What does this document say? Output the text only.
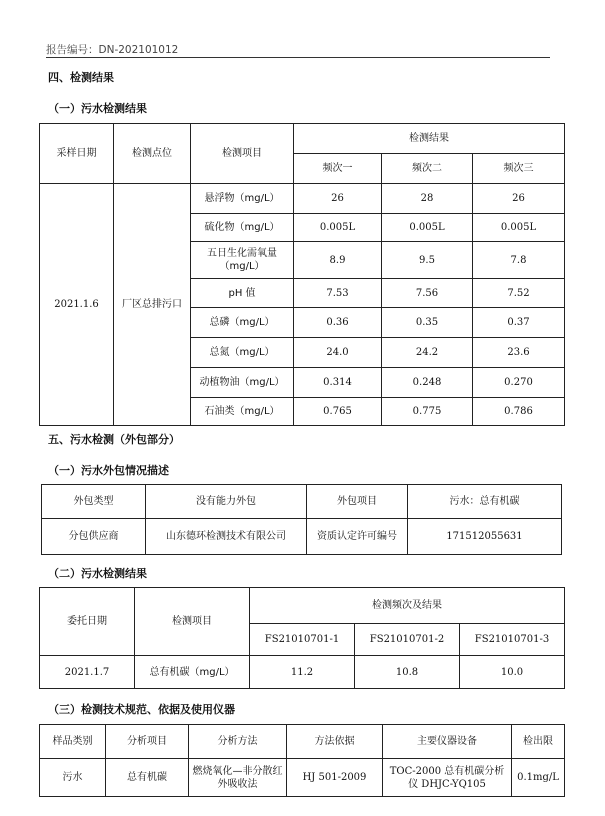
报告编号：DN-202101012
四、检测结果
（一）污水检测结果
采样日期	检测点位	检测项目	检测结果		
			频次一	频次二	频次三
2021.1.6	厂区总排污口	悬浮物（mg/L）	26	28	26
		硫化物（mg/L）	0.005L	0.005L	0.005L
		五日生化需氧量（mg/L）	8.9	9.5	7.8
		pH 值	7.53	7.56	7.52
		总磷（mg/L）	0.36	0.35	0.37
		总氮（mg/L）	24.0	24.2	23.6
		动植物油（mg/L）	0.314	0.248	0.270
		石油类（mg/L）	0.765	0.775	0.786
五、污水检测（外包部分）
（一）污水外包情况描述
外包类型	没有能力外包	外包项目	污水：总有机碳
分包供应商	山东德环检测技术有限公司	资质认定许可编号	171512055631
（二）污水检测结果
委托日期	检测项目	检测频次及结果		
		FS21010701-1	FS21010701-2	FS21010701-3
2021.1.7	总有机碳（mg/L）	11.2	10.8	10.0
（三）检测技术规范、依据及使用仪器
样品类别	分析项目	分析方法	方法依据	主要仪器设备	检出限
污水	总有机碳	燃烧氧化—非分散红外吸收法	HJ 501-2009	TOC-2000 总有机碳分析仪 DHJC-YQ105	0.1mg/L
